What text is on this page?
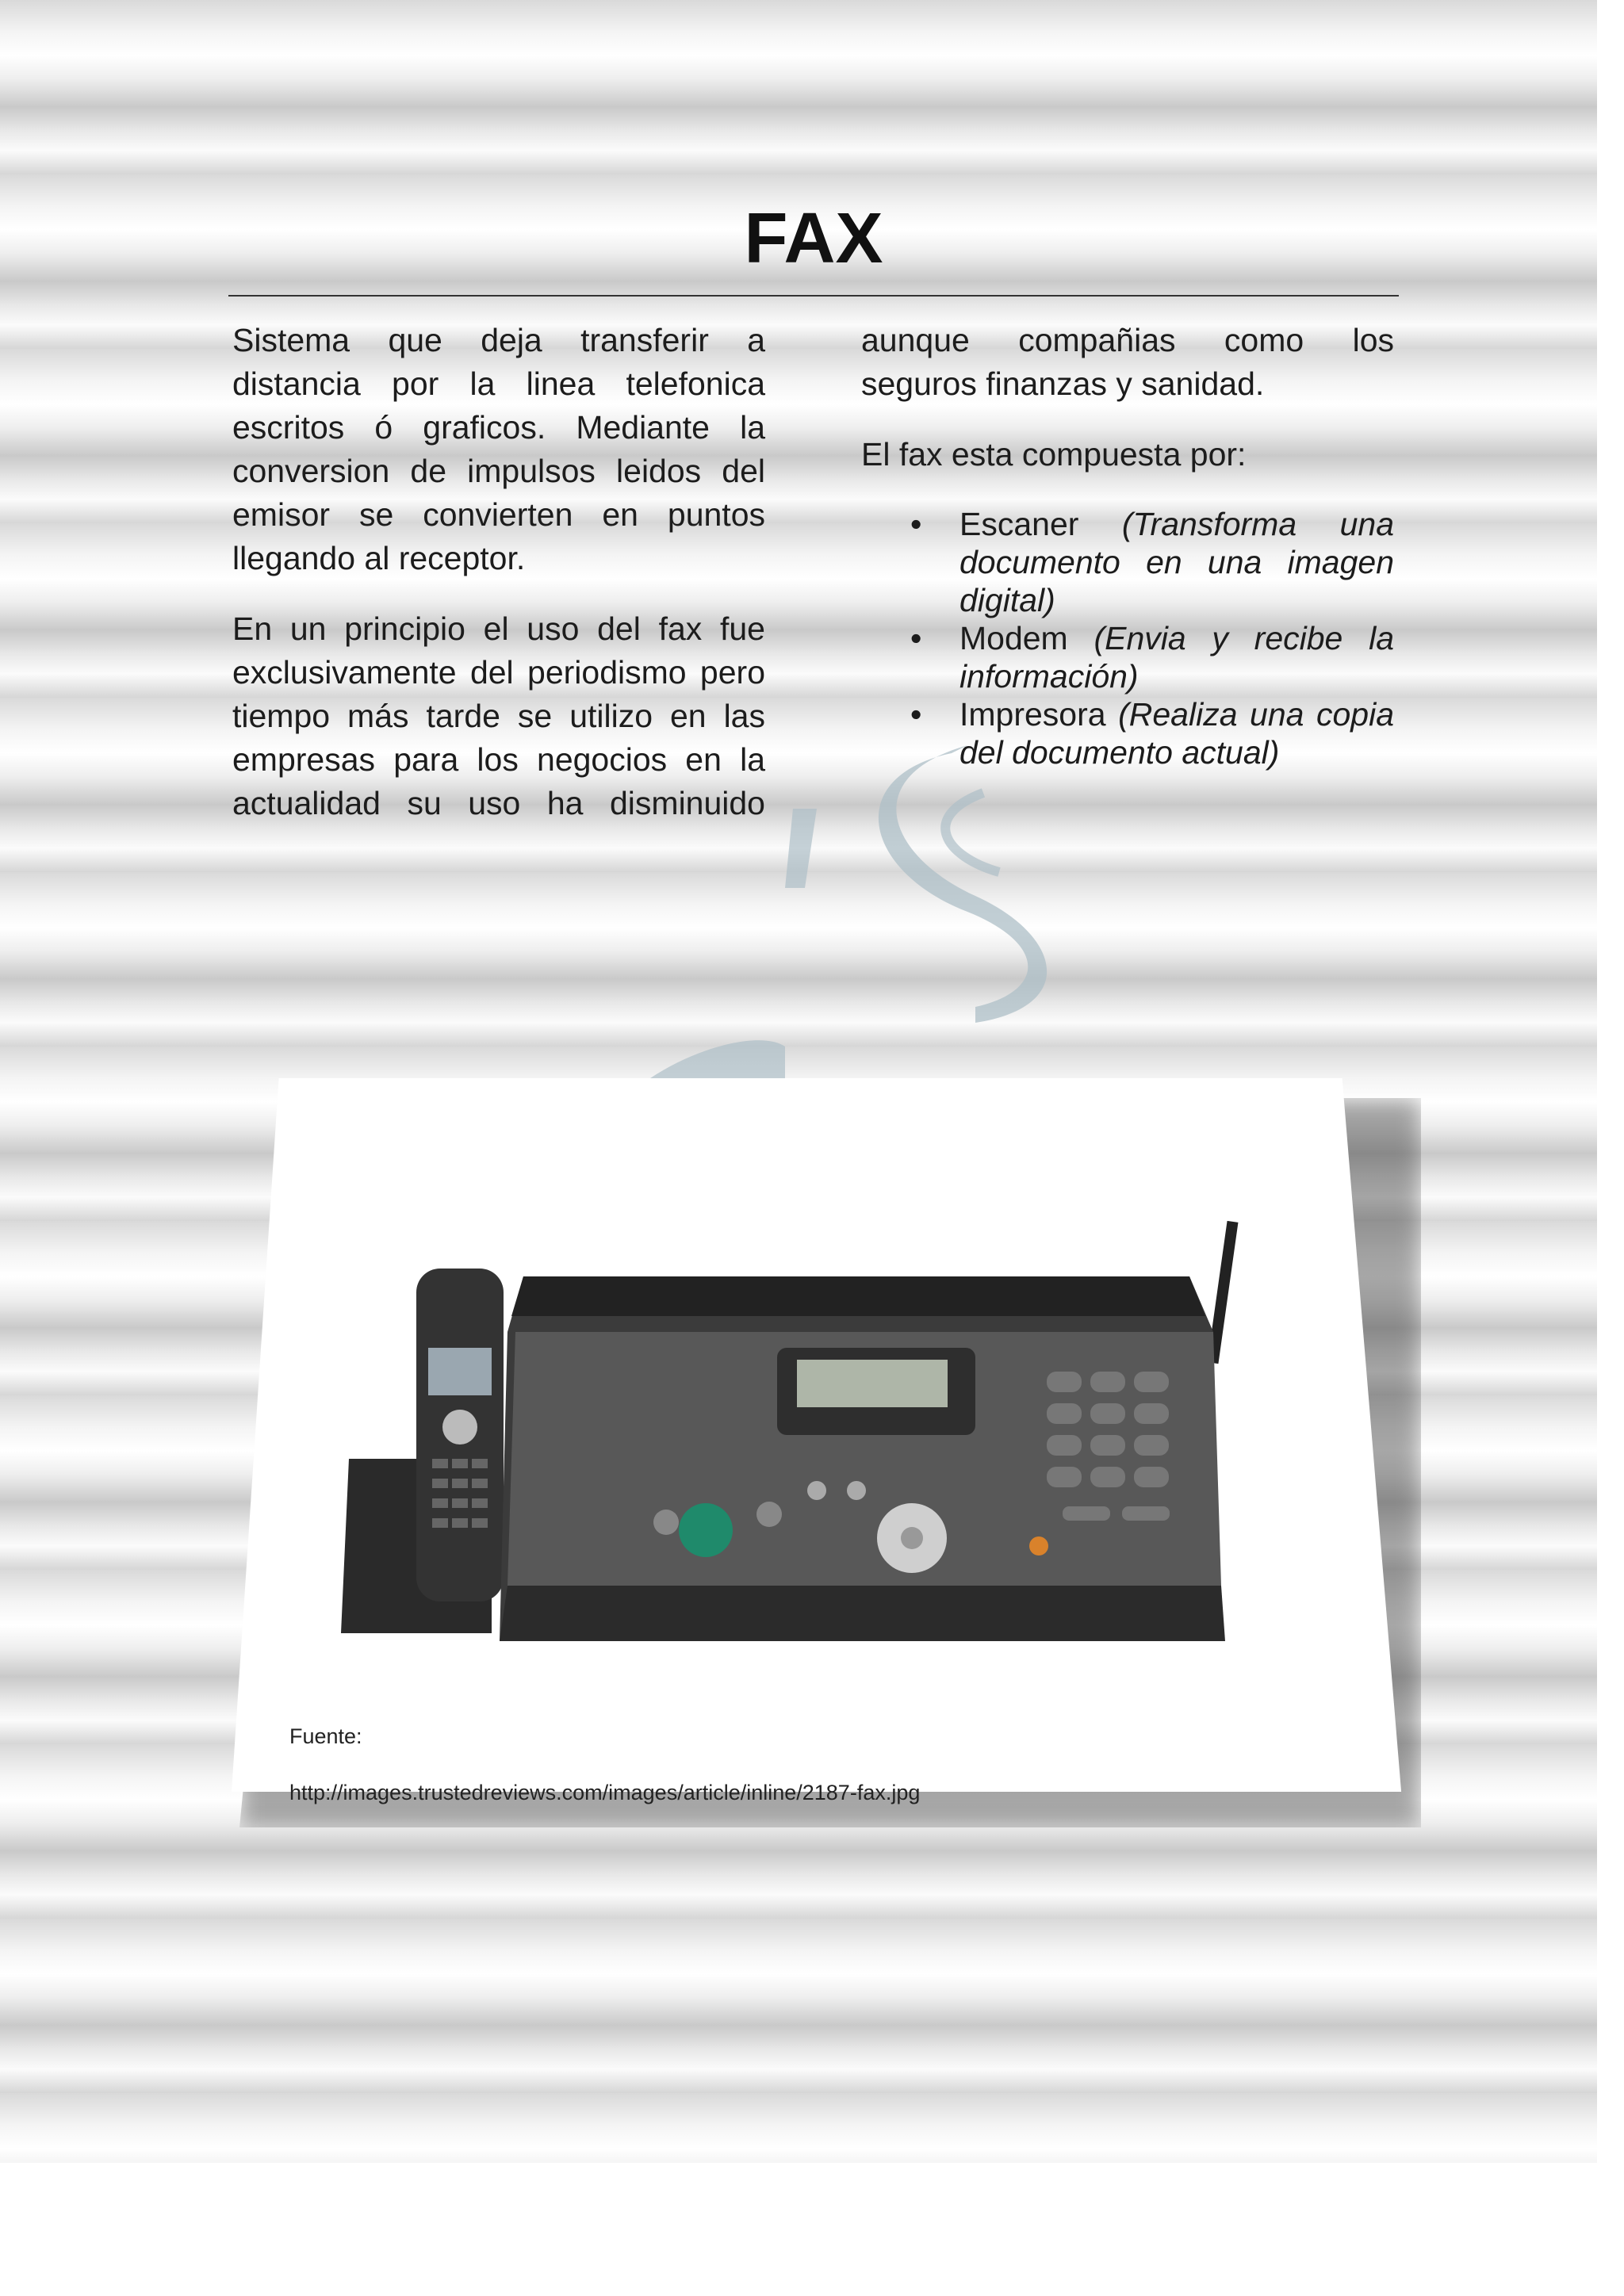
FAX

Sistema que deja transferir a distancia por la linea telefonica escritos ó graficos. Mediante la conversion de impulsos leidos del emisor se convierten en puntos llegando al receptor.

En un principio el uso del fax fue exclusivamente del periodismo pero tiempo más tarde se utilizo en las empresas para los negocios en la actualidad su uso ha disminuido

aunque compañias como los seguros finanzas y sanidad.

El fax esta compuesta por:

• Escaner (Transforma una documento en una imagen digital)
• Modem (Envia y recibe la información)
• Impresora (Realiza una copia del documento actual)
Fuente:
http://images.trustedreviews.com/images/article/inline/2187-fax.jpg
